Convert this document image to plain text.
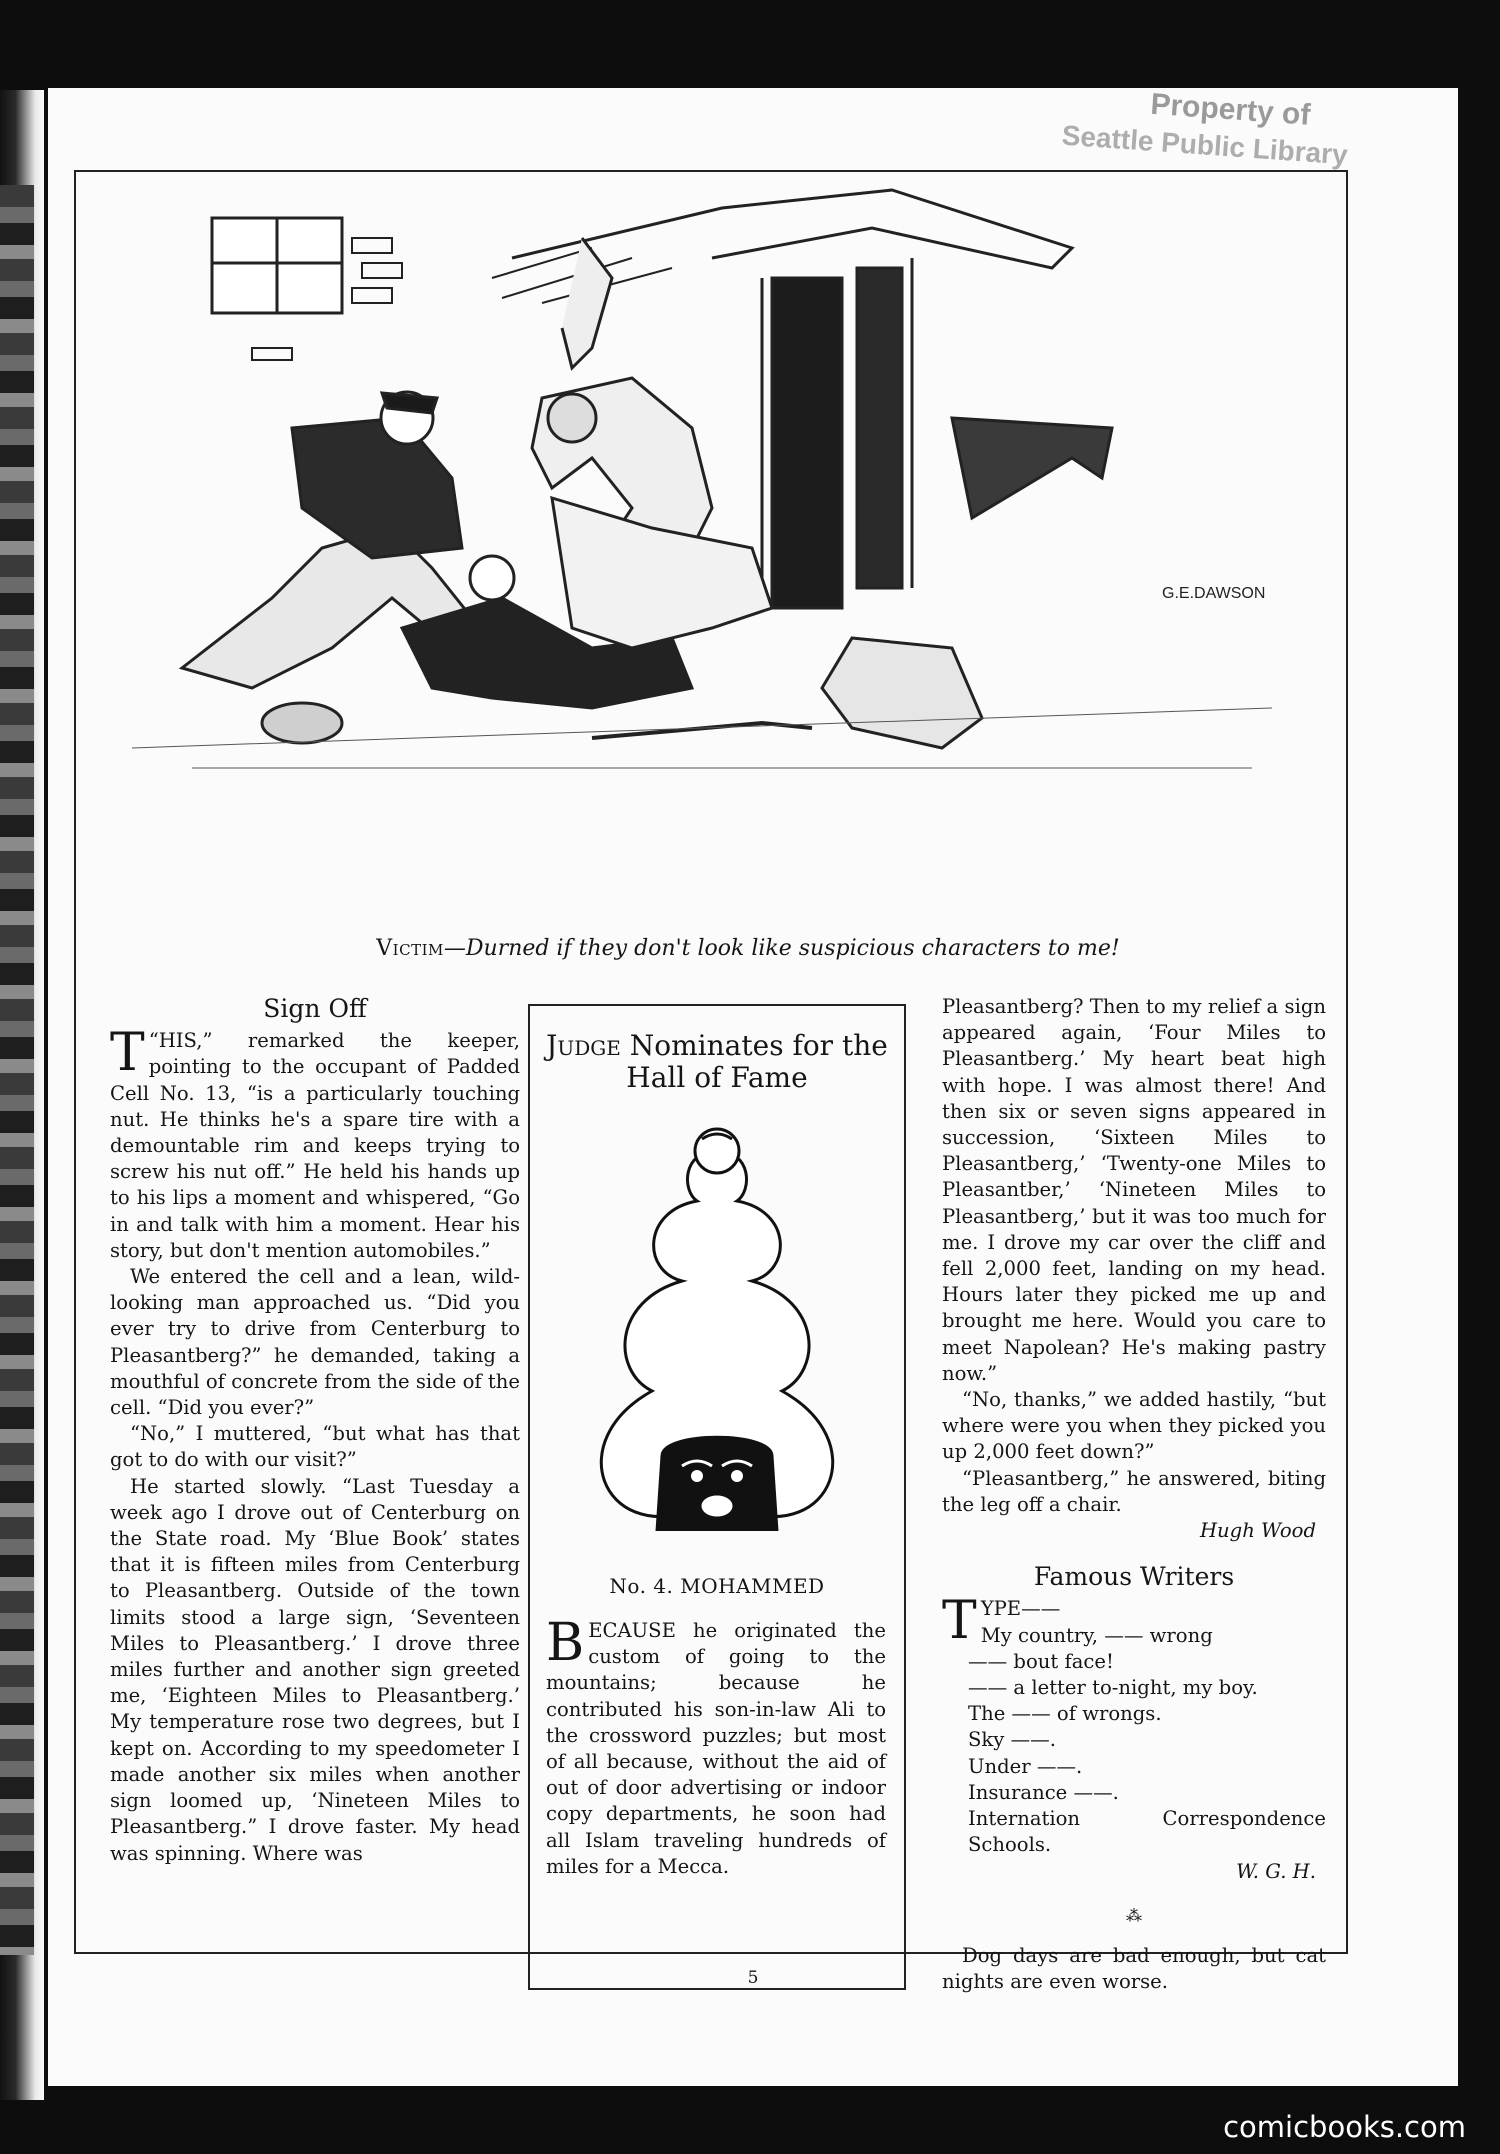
Property of
Seattle Public Library
G.E.DAWSON
Victim—Durned if they don't look like suspicious characters to me!
Sign Off

“
T HIS,” remarked the keeper, pointing to the occupant of Padded Cell No. 13, “is a particularly touching nut. He thinks he's a spare tire with a demountable rim and keeps trying to screw his nut off.” He held his hands up to his lips a moment and whispered, “Go in and talk with him a moment. Hear his story, but don't mention automobiles.”

We entered the cell and a lean, wild-looking man approached us. “Did you ever try to drive from Centerburg to Pleasantberg?” he demanded, taking a mouthful of concrete from the side of the cell. “Did you ever?”

“No,” I muttered, “but what has that got to do with our visit?”

He started slowly. “Last Tuesday a week ago I drove out of Centerburg on the State road. My ‘Blue Book’ states that it is fifteen miles from Centerburg to Pleasantberg. Outside of the town limits stood a large sign, ‘Seventeen Miles to Pleasantberg.’ I drove three miles further and another sign greeted me, ‘Eighteen Miles to Pleasantberg.’ My temperature rose two degrees, but I kept on. According to my speedometer I made another six miles when another sign loomed up, ‘Nineteen Miles to Pleasantberg.” I drove faster. My head was spinning. Where was

Judge Nominates for the
Hall of Fame
No. 4. MOHAMMED
BECAUSE he originated the custom of going to the mountains; because he contributed his son-in-law Ali to the crossword puzzles; but most of all because, without the aid of out of door advertising or indoor copy departments, he soon had all Islam traveling hundreds of miles for a Mecca.

Pleasantberg? Then to my relief a sign appeared again, ‘Four Miles to Pleasantberg.’ My heart beat high with hope. I was almost there! And then six or seven signs appeared in succession, ‘Sixteen Miles to Pleasantberg,’ ‘Twenty-one Miles to Pleasantber,’ ‘Nineteen Miles to Pleasantberg,’ but it was too much for me. I drove my car over the cliff and fell 2,000 feet, landing on my head. Hours later they picked me up and brought me here. Would you care to meet Napolean? He's making pastry now.”

“No, thanks,” we added hastily, “but where were you when they picked you up 2,000 feet down?”

“Pleasantberg,” he answered, biting the leg off a chair.

Hugh Wood
Famous Writers
TYPE——
My country, —— wrong
—— bout face!
—— a letter to-night, my boy.
The —— of wrongs.
Sky ——.
Under ——.
Insurance ——.
Internation Correspondence Schools.
W. G. H.
⁂

Dog days are bad enough, but cat nights are even worse.

5
comicbooks.com
